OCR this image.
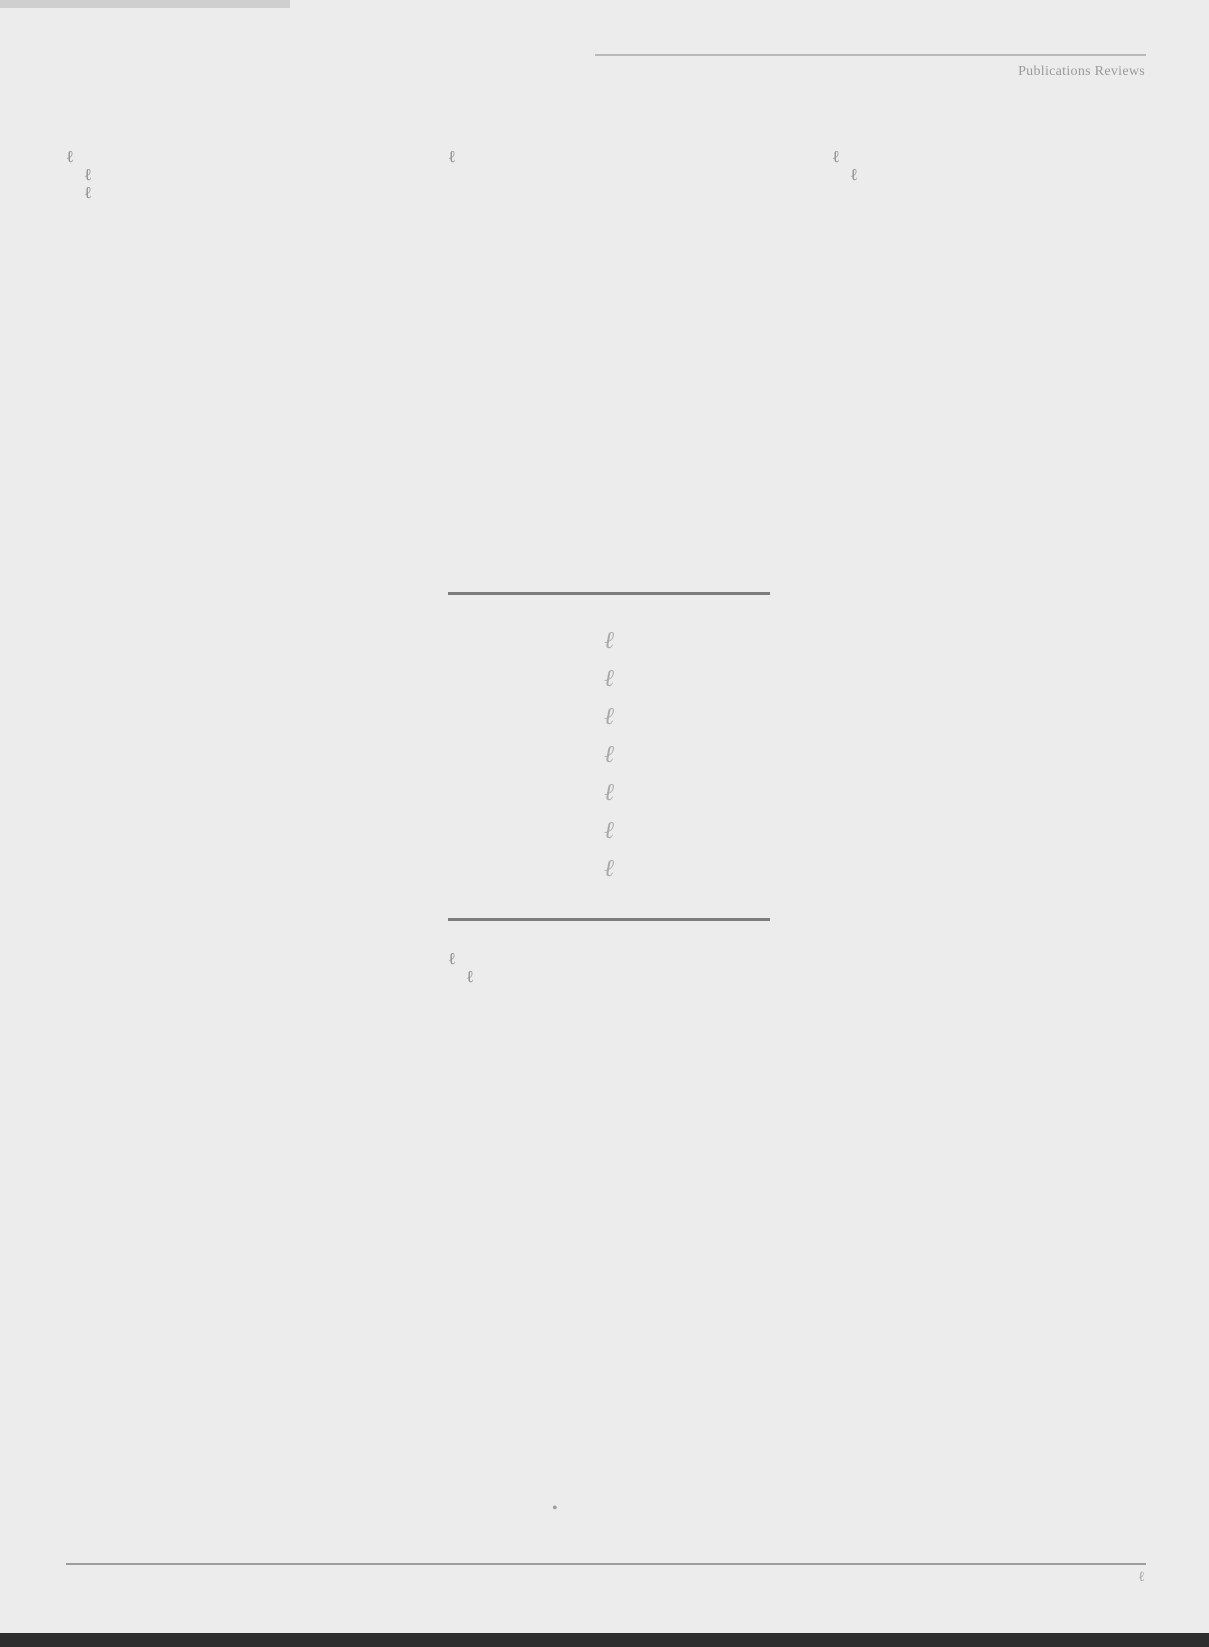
Publications Reviews

ℓ

ℓ

ℓ

ℓ

ℓ
ℓ
ℓ
ℓ
ℓ
ℓ
ℓ

ℓ

ℓ

ℓ

ℓ

•
ℓ
